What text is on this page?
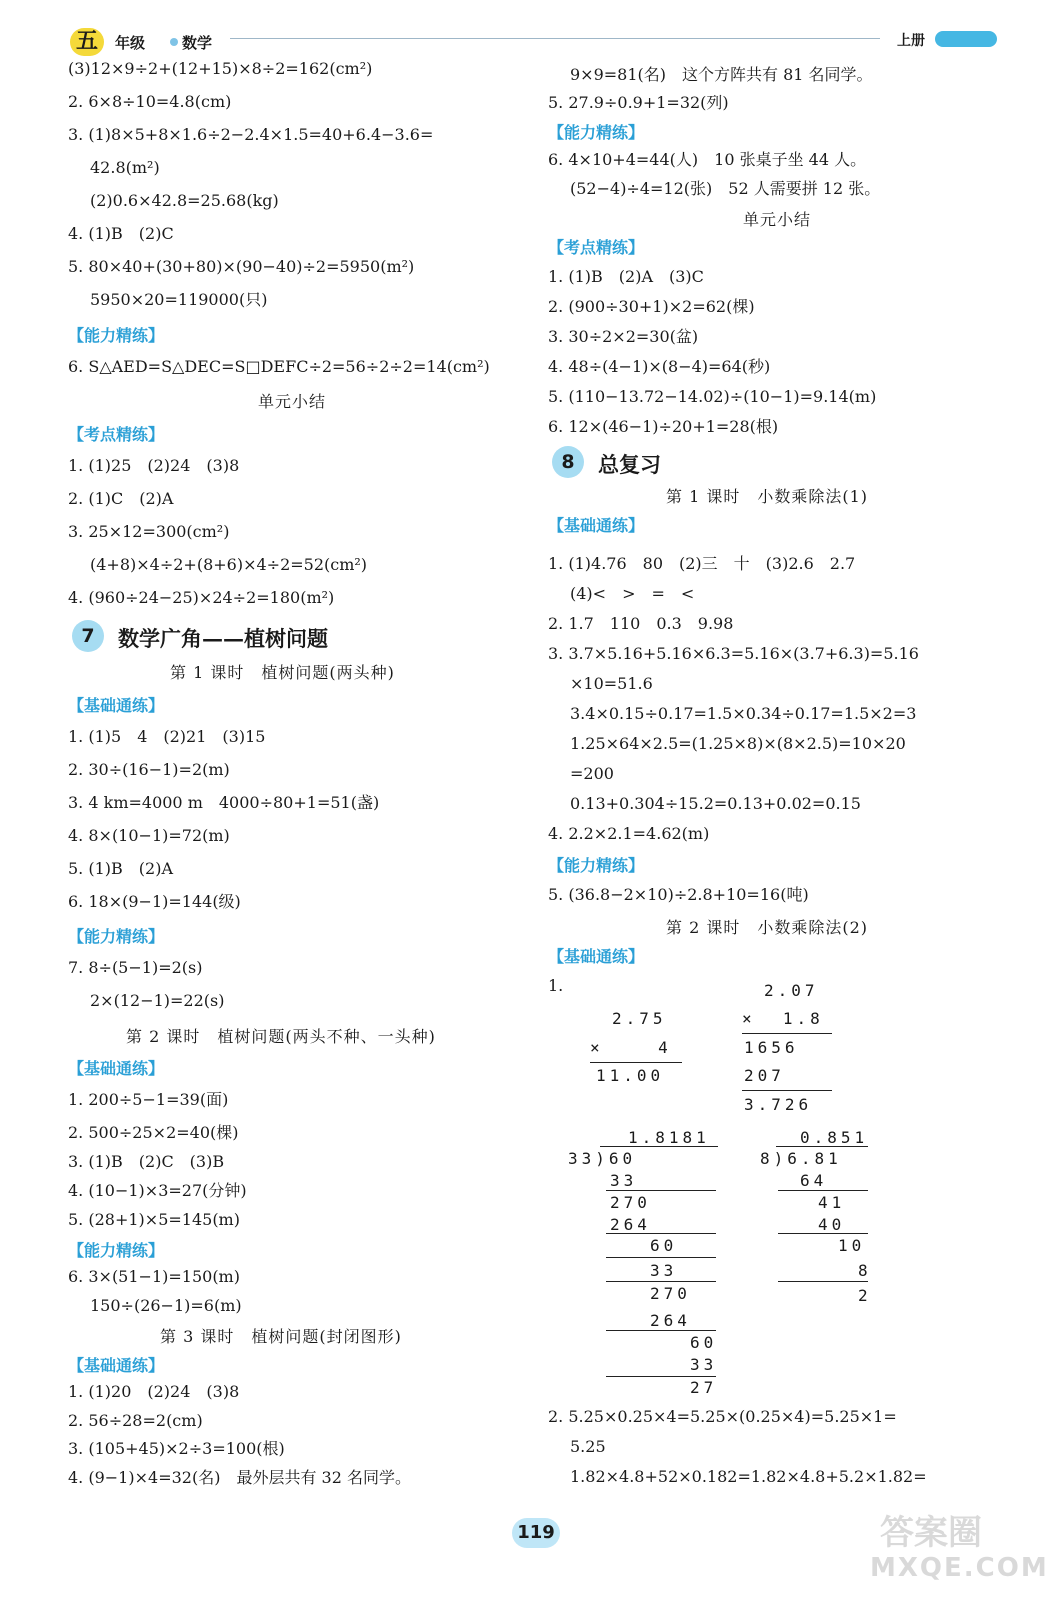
五	年级 数学	上册
(3)12×9÷2+(12+15)×8÷2=162(cm²)
2. 6×8÷10=4.8(cm)
3. (1)8×5+8×1.6÷2−2.4×1.5=40+6.4−3.6=
42.8(m²)
(2)0.6×42.8=25.68(kg)
4. (1)B　(2)C
5. 80×40+(30+80)×(90−40)÷2=5950(m²)
5950×20=119000(只)
【能力精练】
6. S△AED=S△DEC=S□DEFC÷2=56÷2÷2=14(cm²)
单元小结
【考点精练】
1. (1)25　(2)24　(3)8
2. (1)C　(2)A
3. 25×12=300(cm²)
(4+8)×4÷2+(8+6)×4÷2=52(cm²)
4. (960÷24−25)×24÷2=180(m²)
7	数学广角——植树问题
第 1 课时　植树问题(两头种)
【基础通练】
1. (1)5　4　(2)21　(3)15
2. 30÷(16−1)=2(m)
3. 4 km=4000 m　4000÷80+1=51(盏)
4. 8×(10−1)=72(m)
5. (1)B　(2)A
6. 18×(9−1)=144(级)
【能力精练】
7. 8÷(5−1)=2(s)
2×(12−1)=22(s)
第 2 课时　植树问题(两头不种、一头种)
【基础通练】
1. 200÷5−1=39(面)
2. 500÷25×2=40(棵)
3. (1)B　(2)C　(3)B
4. (10−1)×3=27(分钟)
5. (28+1)×5=145(m)
【能力精练】
6. 3×(51−1)=150(m)
150÷(26−1)=6(m)
第 3 课时　植树问题(封闭图形)
【基础通练】
1. (1)20　(2)24　(3)8
2. 56÷28=2(cm)
3. (105+45)×2÷3=100(根)
4. (9−1)×4=32(名)　最外层共有 32 名同学。
9×9=81(名)　这个方阵共有 81 名同学。
5. 27.9÷0.9+1=32(列)
【能力精练】
6. 4×10+4=44(人)　10 张桌子坐 44 人。
(52−4)÷4=12(张)　52 人需要拼 12 张。
单元小结
【考点精练】
1. (1)B　(2)A　(3)C
2. (900÷30+1)×2=62(棵)
3. 30÷2×2=30(盆)
4. 48÷(4−1)×(8−4)=64(秒)
5. (110−13.72−14.02)÷(10−1)=9.14(m)
6. 12×(46−1)÷20+1=28(根)
8	总复习
第 1 课时　小数乘除法(1)
【基础通练】
1. (1)4.76　80　(2)三　十　(3)2.6　2.7
(4)<　>　=　<
2. 1.7　110　0.3　9.98
3. 3.7×5.16+5.16×6.3=5.16×(3.7+6.3)=5.16
×10=51.6
3.4×0.15÷0.17=1.5×0.34÷0.17=1.5×2=3
1.25×64×2.5=(1.25×8)×(8×2.5)=10×20
=200
0.13+0.304÷15.2=0.13+0.02=0.15
4. 2.2×2.1=4.62(m)
【能力精练】
5. (36.8−2×10)÷2.8+10=16(吨)
第 2 课时　小数乘除法(2)
【基础通练】
1.
2. 5.25×0.25×4=5.25×(0.25×4)=5.25×1=
5.25
1.82×4.8+52×0.182=1.82×4.8+5.2×1.82=
2.75
×    4
11.00
2.07
×  1.8
1656
207
3.726
1.8181
33)60
33
270
264
60
33
270
264
60
33
27
0.851
8)6.81
64
41
40
10
8
2
119	答案圈
MXQE.COM
